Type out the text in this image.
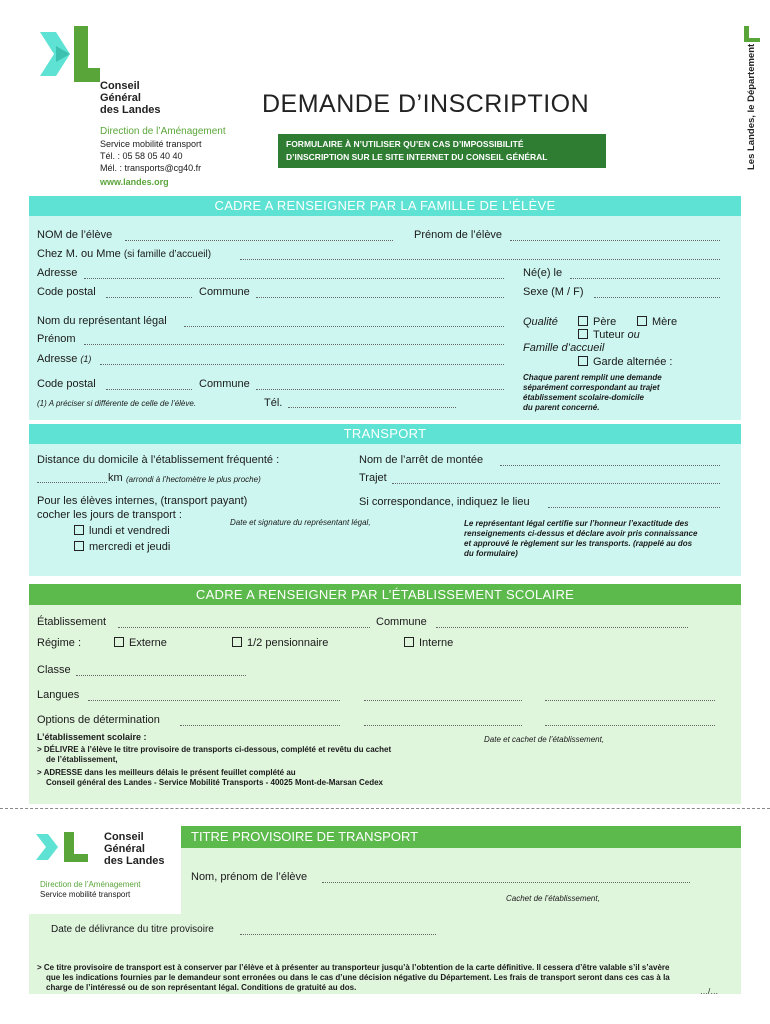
Conseil
Général
des Landes	DEMANDE D’INSCRIPTION
Direction de l’Aménagement
Service mobilité transport
Tél. : 05 58 05 40 40
Mél. : transports@cg40.fr
www.landes.org
FORMULAIRE À N’UTILISER QU’EN CAS D’IMPOSSIBILITÉ
D’INSCRIPTION SUR LE SITE INTERNET DU CONSEIL GÉNÉRAL	Les Landes, le Département
CADRE A RENSEIGNER PAR LA FAMILLE DE L’ÉLÈVE
NOM de l’élève	Prénom de l’élève
Chez M. ou Mme (si famille d’accueil)
Adresse	Né(e) le
Code postal	Commune	Sexe (M / F)
Nom du représentant légal	Qualité	Père	Mère
Tuteur ou
Famille d’accueil
Garde alternée :
Prénom
Adresse (1)
Code postal	Commune
(1) A préciser si différente de celle de l’élève.	Tél.
Chaque parent remplit une demande
séparément correspondant au trajet
établissement scolaire-domicile
du parent concerné.
TRANSPORT
Distance du domicile à l’établissement fréquenté :
km (arrondi à l’hectomètre le plus proche)
Nom de l’arrêt de montée
Trajet
Pour les élèves internes, (transport payant)
cocher les jours de transport :
lundi et vendredi
mercredi et jeudi
Si correspondance, indiquez le lieu
Date et signature du représentant légal,	Le représentant légal certifie sur l’honneur l’exactitude des
renseignements ci-dessus et déclare avoir pris connaissance
et approuvé le règlement sur les transports. (rappelé au dos
du formulaire)
CADRE A RENSEIGNER PAR L’ÉTABLISSEMENT SCOLAIRE
Établissement	Commune
Régime :	Externe	1/2 pensionnaire	Interne
Classe
Langues
Options de détermination
L’établissement scolaire :	Date et cachet de l’établissement,
> DÉLIVRE à l’élève le titre provisoire de transports ci-dessous, complété et revêtu du cachet
de l’établissement,
> ADRESSE dans les meilleurs délais le présent feuillet complété au
Conseil général des Landes - Service Mobilité Transports - 40025 Mont-de-Marsan Cedex
TITRE PROVISOIRE DE TRANSPORT
Conseil
Général
des Landes
Direction de l’Aménagement
Service mobilité transport
Nom, prénom de l’élève
Cachet de l’établissement,
Date de délivrance du titre provisoire
> Ce titre provisoire de transport est à conserver par l’élève et à présenter au transporteur jusqu’à l’obtention de la carte définitive. Il cessera d’être valable s’il s’avère
que les indications fournies par le demandeur sont erronées ou dans le cas d’une décision négative du Département. Les frais de transport seront dans ces cas à la
charge de l’intéressé ou de son représentant légal. Conditions de gratuité au dos.	…/…
